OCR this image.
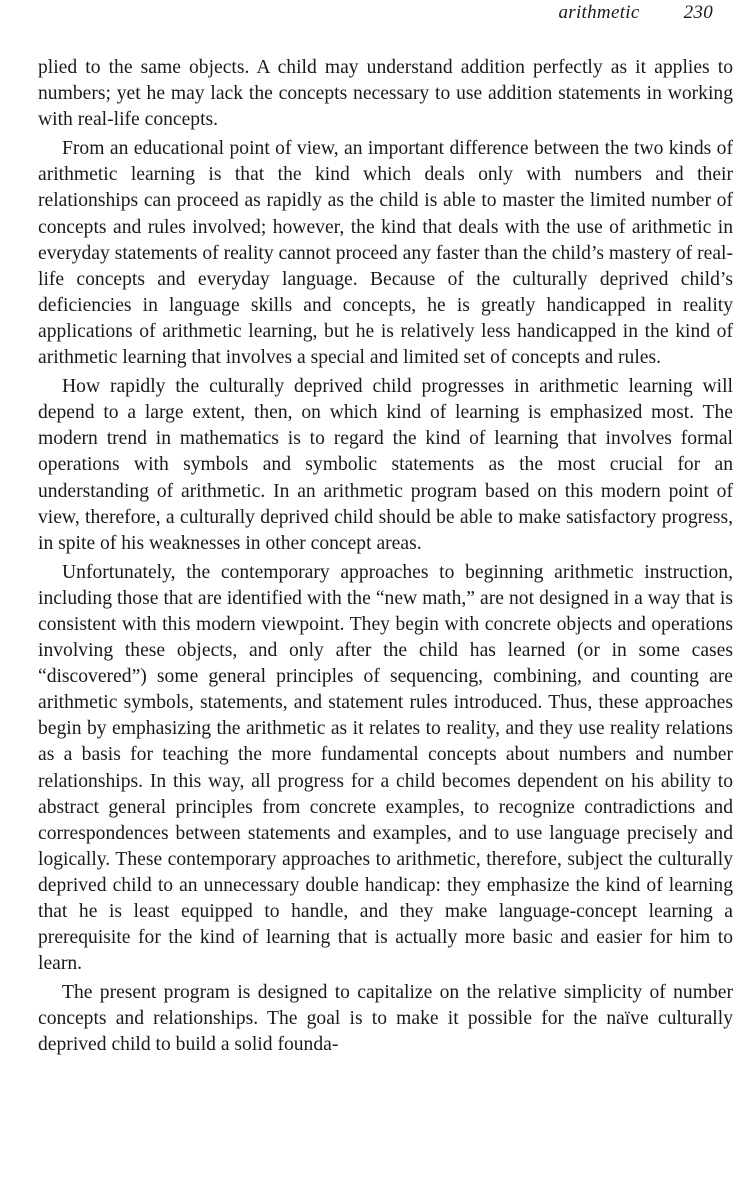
arithmetic 230

plied to the same objects. A child may understand addition perfectly as it applies to numbers; yet he may lack the concepts necessary to use addition statements in working with real-life concepts.

From an educational point of view, an important difference between the two kinds of arithmetic learning is that the kind which deals only with numbers and their relationships can proceed as rapidly as the child is able to master the limited number of concepts and rules involved; however, the kind that deals with the use of arithmetic in everyday statements of reality cannot proceed any faster than the child’s mastery of real-life concepts and everyday language. Because of the culturally deprived child’s deficiencies in language skills and concepts, he is greatly handicapped in reality applications of arithmetic learning, but he is relatively less handicapped in the kind of arithmetic learning that involves a special and limited set of concepts and rules.

How rapidly the culturally deprived child progresses in arithmetic learning will depend to a large extent, then, on which kind of learning is emphasized most. The modern trend in mathematics is to regard the kind of learning that involves formal operations with symbols and symbolic statements as the most crucial for an understanding of arithmetic. In an arithmetic program based on this modern point of view, therefore, a culturally deprived child should be able to make satisfactory progress, in spite of his weaknesses in other concept areas.

Unfortunately, the contemporary approaches to beginning arithmetic instruction, including those that are identified with the “new math,” are not designed in a way that is consistent with this modern viewpoint. They begin with concrete objects and operations involving these objects, and only after the child has learned (or in some cases “discovered”) some general principles of sequencing, combining, and counting are arithmetic symbols, statements, and statement rules introduced. Thus, these approaches begin by emphasizing the arithmetic as it relates to reality, and they use reality relations as a basis for teaching the more fundamental concepts about numbers and number relationships. In this way, all progress for a child becomes dependent on his ability to abstract general principles from concrete examples, to recognize contradictions and correspondences between statements and examples, and to use language precisely and logically. These contemporary approaches to arithmetic, therefore, subject the culturally deprived child to an unnecessary double handicap: they emphasize the kind of learning that he is least equipped to handle, and they make language-concept learning a prerequisite for the kind of learning that is actually more basic and easier for him to learn.

The present program is designed to capitalize on the relative simplicity of number concepts and relationships. The goal is to make it possible for the naïve culturally deprived child to build a solid founda-
